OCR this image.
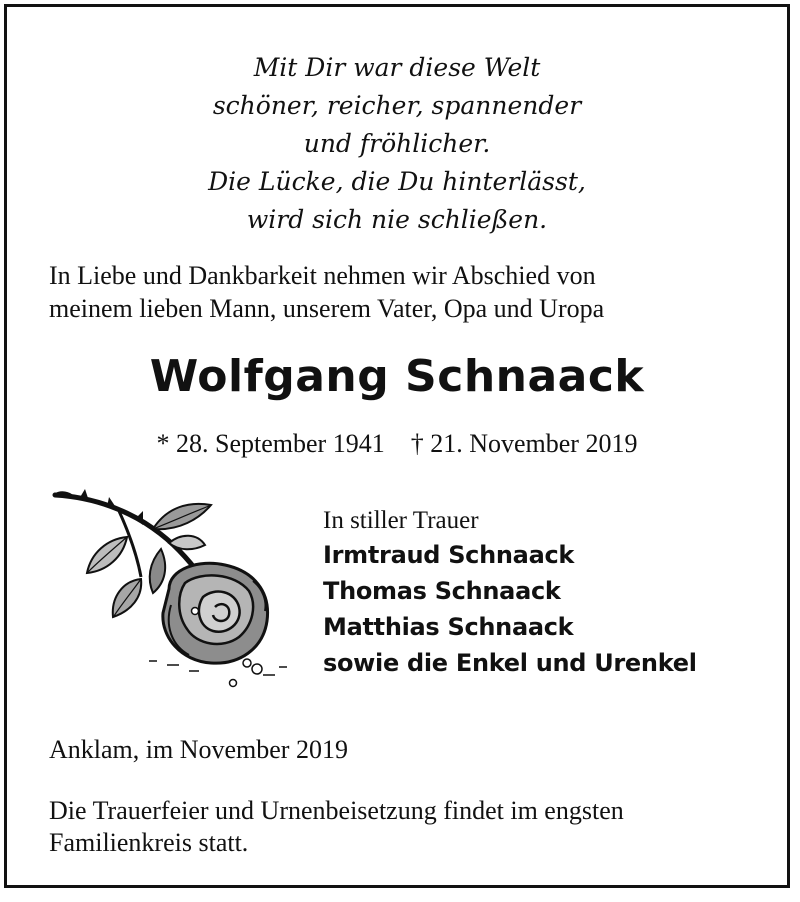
Mit Dir war diese Welt
schöner, reicher, spannender
und fröhlicher.
Die Lücke, die Du hinterlässt,
wird sich nie schließen.
In Liebe und Dankbarkeit nehmen wir Abschied von
meinem lieben Mann, unserem Vater, Opa und Uropa
Wolfgang Schnaack
* 28. September 1941    † 21. November 2019
In stiller Trauer
Irmtraud Schnaack
Thomas Schnaack
Matthias Schnaack
sowie die Enkel und Urenkel
Anklam, im November 2019
Die Trauerfeier und Urnenbeisetzung findet im engsten
Familienkreis statt.
